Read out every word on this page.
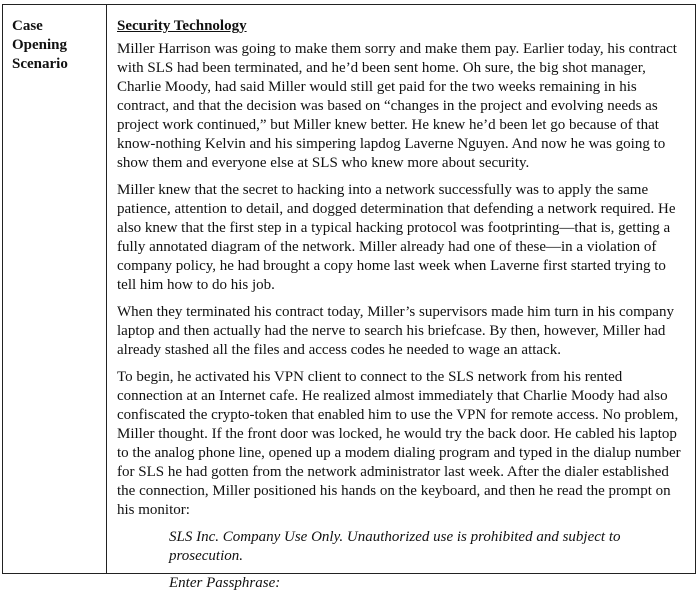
Case
Opening
Scenario
Security Technology

Miller Harrison was going to make them sorry and make them pay. Earlier today, his contract with SLS had been terminated, and he’d been sent home. Oh sure, the big shot manager, Charlie Moody, had said Miller would still get paid for the two weeks remaining in his contract, and that the decision was based on “changes in the project and evolving needs as project work continued,” but Miller knew better. He knew he’d been let go because of that know-nothing Kelvin and his simpering lapdog Laverne Nguyen. And now he was going to show them and everyone else at SLS who knew more about security.

Miller knew that the secret to hacking into a network successfully was to apply the same patience, attention to detail, and dogged determination that defending a network required. He also knew that the first step in a typical hacking protocol was footprinting—that is, getting a fully annotated diagram of the network. Miller already had one of these—in a violation of company policy, he had brought a copy home last week when Laverne first started trying to tell him how to do his job.

When they terminated his contract today, Miller’s supervisors made him turn in his company laptop and then actually had the nerve to search his briefcase. By then, however, Miller had already stashed all the files and access codes he needed to wage an attack.

To begin, he activated his VPN client to connect to the SLS network from his rented connection at an Internet cafe. He realized almost immediately that Charlie Moody had also confiscated the crypto-token that enabled him to use the VPN for remote access. No problem, Miller thought. If the front door was locked, he would try the back door. He cabled his laptop to the analog phone line, opened up a modem dialing program and typed in the dialup number for SLS he had gotten from the network administrator last week. After the dialer established the connection, Miller positioned his hands on the keyboard, and then he read the prompt on his monitor:

SLS Inc. Company Use Only. Unauthorized use is prohibited and subject to prosecution.

Enter Passphrase:
